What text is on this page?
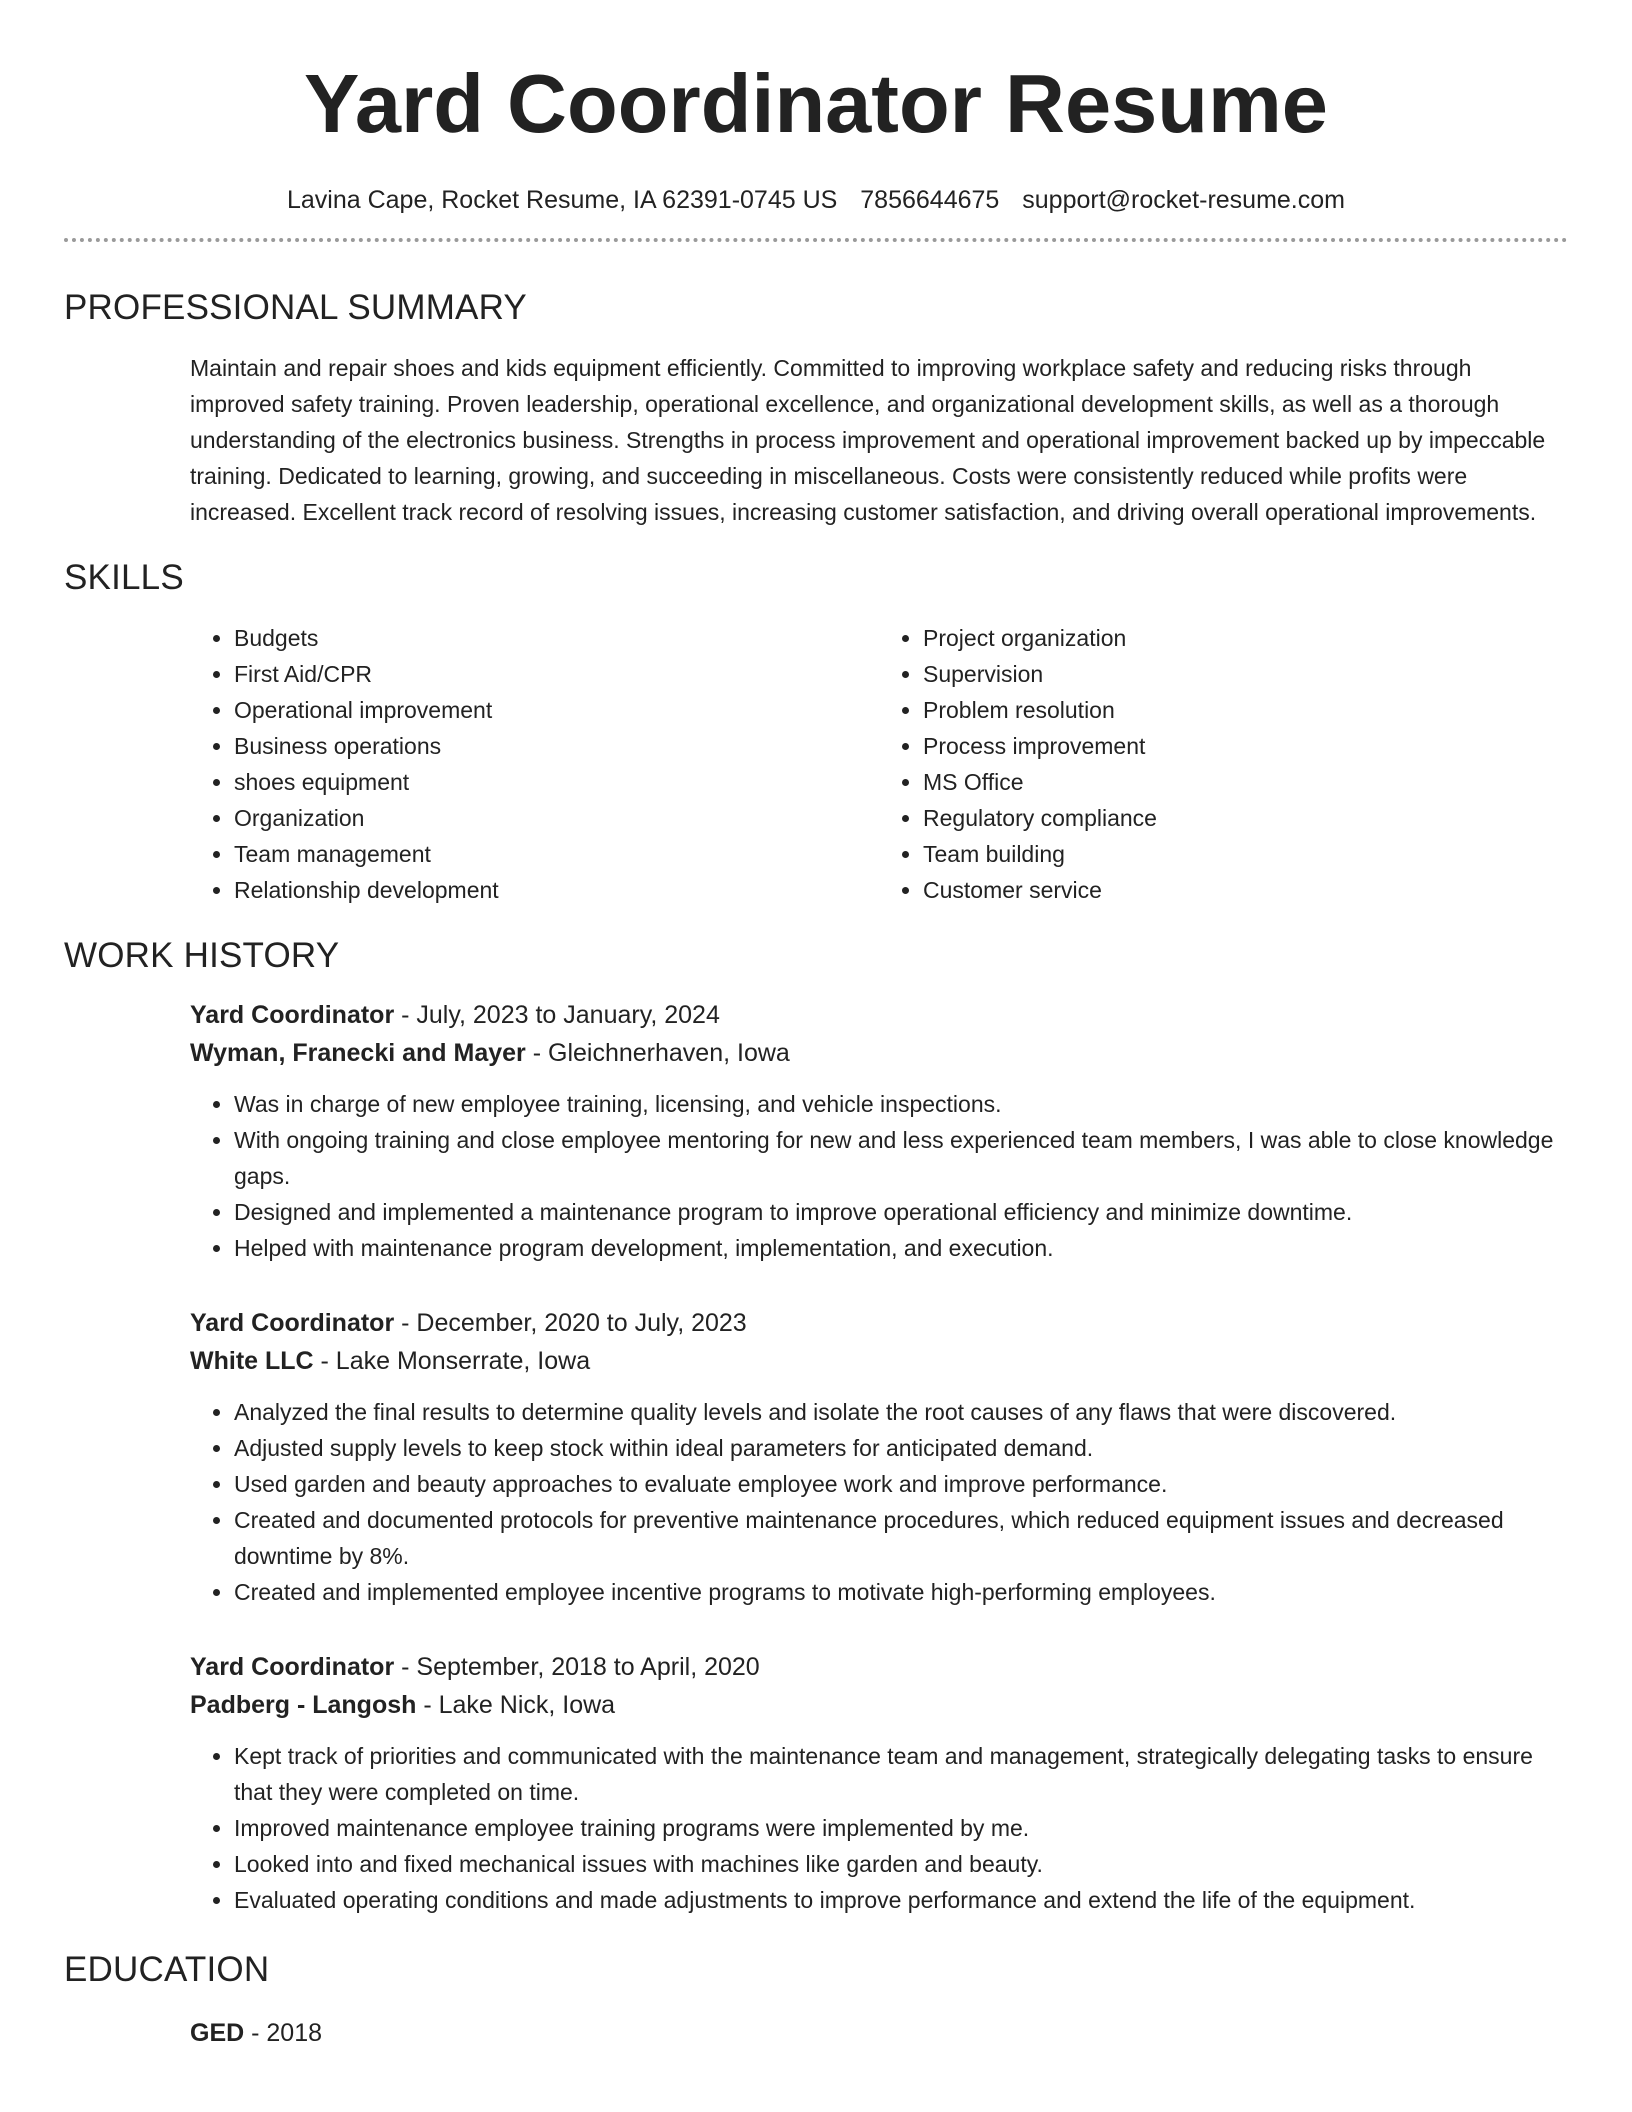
Yard Coordinator Resume
Lavina Cape, Rocket Resume, IA 62391-0745 US 7856644675 support@rocket-resume.com
PROFESSIONAL SUMMARY
Maintain and repair shoes and kids equipment efficiently. Committed to improving workplace safety and reducing risks through improved safety training. Proven leadership, operational excellence, and organizational development skills, as well as a thorough understanding of the electronics business. Strengths in process improvement and operational improvement backed up by impeccable training. Dedicated to learning, growing, and succeeding in miscellaneous. Costs were consistently reduced while profits were increased. Excellent track record of resolving issues, increasing customer satisfaction, and driving overall operational improvements.
SKILLS
• Budgets
• First Aid/CPR
• Operational improvement
• Business operations
• shoes equipment
• Organization
• Team management
• Relationship development
• Project organization
• Supervision
• Problem resolution
• Process improvement
• MS Office
• Regulatory compliance
• Team building
• Customer service
WORK HISTORY
Yard Coordinator - July, 2023 to January, 2024
Wyman, Franecki and Mayer - Gleichnerhaven, Iowa
• Was in charge of new employee training, licensing, and vehicle inspections.
• With ongoing training and close employee mentoring for new and less experienced team members, I was able to close knowledge gaps.
• Designed and implemented a maintenance program to improve operational efficiency and minimize downtime.
• Helped with maintenance program development, implementation, and execution.
Yard Coordinator - December, 2020 to July, 2023
White LLC - Lake Monserrate, Iowa
• Analyzed the final results to determine quality levels and isolate the root causes of any flaws that were discovered.
• Adjusted supply levels to keep stock within ideal parameters for anticipated demand.
• Used garden and beauty approaches to evaluate employee work and improve performance.
• Created and documented protocols for preventive maintenance procedures, which reduced equipment issues and decreased downtime by 8%.
• Created and implemented employee incentive programs to motivate high-performing employees.
Yard Coordinator - September, 2018 to April, 2020
Padberg - Langosh - Lake Nick, Iowa
• Kept track of priorities and communicated with the maintenance team and management, strategically delegating tasks to ensure that they were completed on time.
• Improved maintenance employee training programs were implemented by me.
• Looked into and fixed mechanical issues with machines like garden and beauty.
• Evaluated operating conditions and made adjustments to improve performance and extend the life of the equipment.
EDUCATION
GED - 2018
